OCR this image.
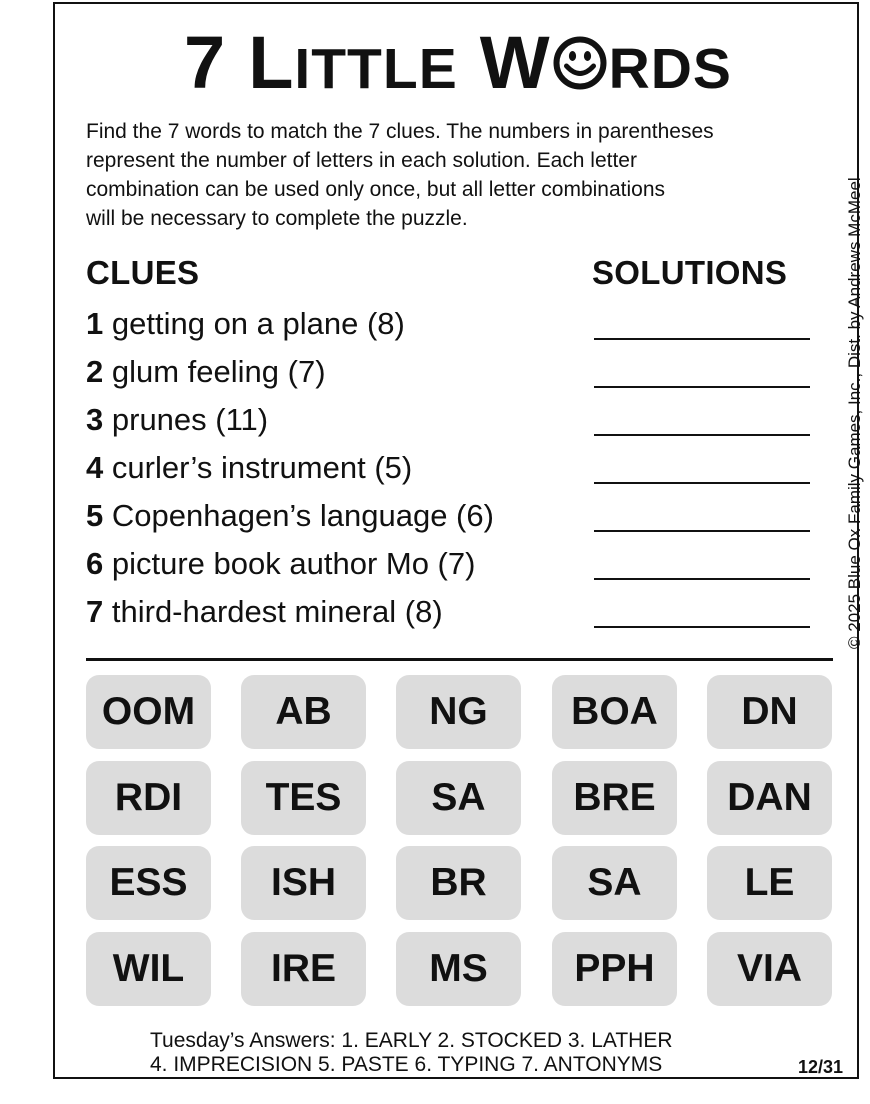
7 L ITTLE W RDS
Find the 7 words to match the 7 clues. The numbers in parentheses
represent the number of letters in each solution. Each letter
combination can be used only once, but all letter combinations
will be necessary to complete the puzzle.	© 2025 Blue Ox Family Games, Inc., Dist. by Andrews McMeel
CLUES	SOLUTIONS
1 getting on a plane (8)
2 glum feeling (7)
3 prunes (11)
4 curler’s instrument (5)
5 Copenhagen’s language (6)
6 picture book author Mo (7)
7 third-hardest mineral (8)
OOM	AB	NG	BOA	DN
RDI	TES	SA	BRE	DAN
ESS	ISH	BR	SA	LE
WIL	IRE	MS	PPH	VIA
Tuesday’s Answers: 1. EARLY 2. STOCKED 3. LATHER
4. IMPRECISION 5. PASTE 6. TYPING 7. ANTONYMS	12/31
